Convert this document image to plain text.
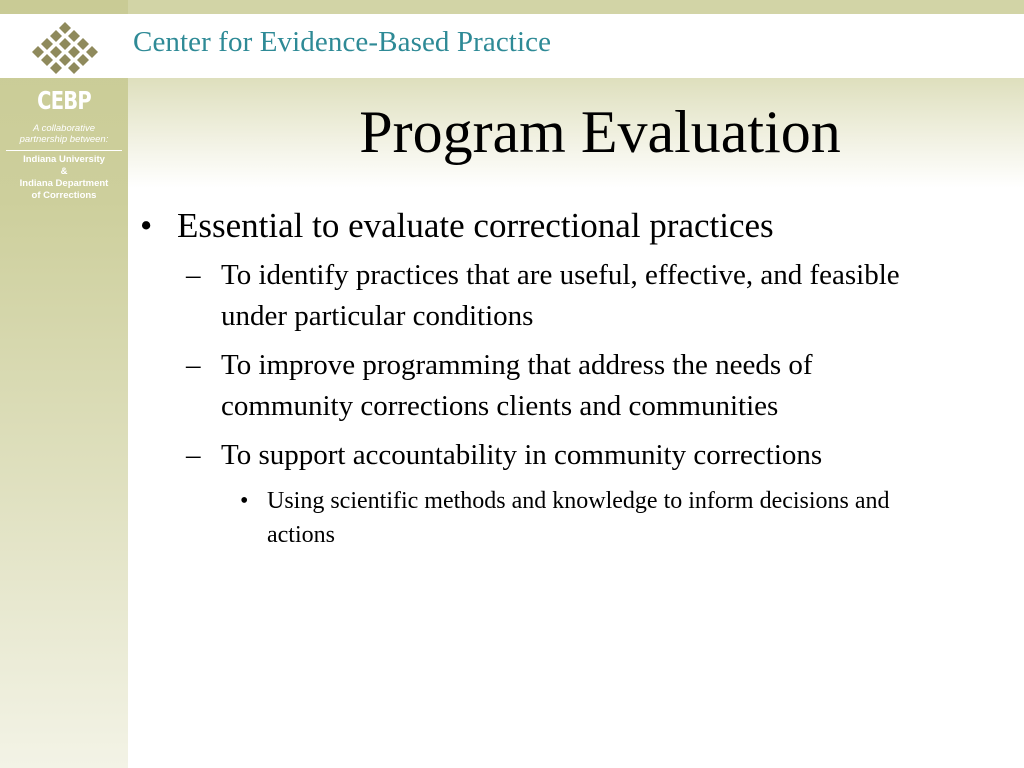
Center for Evidence-Based Practice
CEBP
A collaborative
partnership between:
Indiana University
&
Indiana Department
of Corrections
Program Evaluation
• Essential to evaluate correctional practices
– To identify practices that are useful, effective, and feasible under particular conditions
– To improve programming that address the needs of community corrections clients and communities
– To support accountability in community corrections
• Using scientific methods and knowledge to inform decisions and actions
